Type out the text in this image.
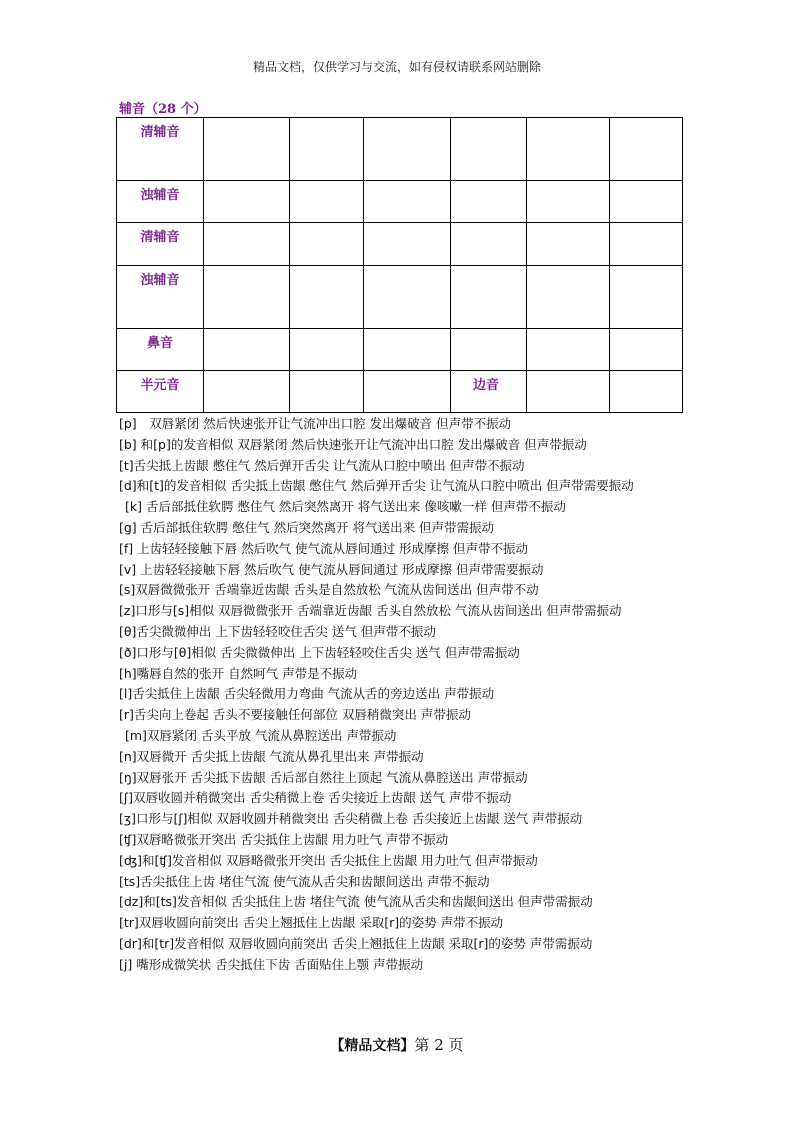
精品文档，仅供学习与交流，如有侵权请联系网站删除
辅音（28 个）
清辅音						
浊辅音						
清辅音						
浊辅音						
鼻音						
半元音				边音		

[p]　双唇紧闭 然后快速张开让气流冲出口腔 发出爆破音 但声带不振动

[b] 和[p]的发音相似 双唇紧闭 然后快速张开让气流冲出口腔 发出爆破音 但声带振动

[t]舌尖抵上齿龈 憋住气 然后弹开舌尖 让气流从口腔中喷出 但声带不振动

[d]和[t]的发音相似 舌尖抵上齿龈 憋住气 然后弹开舌尖 让气流从口腔中喷出 但声带需要振动

[k] 舌后部抵住软腭 憋住气 然后突然离开 将气送出来 像咳嗽一样 但声带不振动

[g] 舌后部抵住软腭 憋住气 然后突然离开 将气送出来 但声带需振动

[f] 上齿轻轻接触下唇 然后吹气 使气流从唇间通过 形成摩擦 但声带不振动

[v] 上齿轻轻接触下唇 然后吹气 使气流从唇间通过 形成摩擦 但声带需要振动

[s]双唇微微张开 舌端靠近齿龈 舌头是自然放松 气流从齿间送出 但声带不动

[z]口形与[s]相似 双唇微微张开 舌端靠近齿龈 舌头自然放松 气流从齿间送出 但声带需振动

[θ]舌尖微微伸出 上下齿轻轻咬住舌尖 送气 但声带不振动

[ð]口形与[θ]相似 舌尖微微伸出 上下齿轻轻咬住舌尖 送气 但声带需振动

[h]嘴唇自然的张开 自然呵气 声带是不振动

[l]舌尖抵住上齿龈 舌尖轻微用力弯曲 气流从舌的旁边送出 声带振动

[r]舌尖向上卷起 舌头不要接触任何部位 双唇稍微突出 声带振动

[m]双唇紧闭 舌头平放 气流从鼻腔送出 声带振动

[n]双唇微开 舌尖抵上齿龈 气流从鼻孔里出来 声带振动

[ŋ]双唇张开 舌尖抵下齿龈 舌后部自然往上顶起 气流从鼻腔送出 声带振动

[ʃ]双唇收圆并稍微突出 舌尖稍微上卷 舌尖接近上齿龈 送气 声带不振动

[ʒ]口形与[ʃ]相似 双唇收圆并稍微突出 舌尖稍微上卷 舌尖接近上齿龈 送气 声带振动

[ʧ]双唇略微张开突出 舌尖抵住上齿龈 用力吐气 声带不振动

[ʤ]和[ʧ]发音相似 双唇略微张开突出 舌尖抵住上齿龈 用力吐气 但声带振动

[ts]舌尖抵住上齿 堵住气流 使气流从舌尖和齿龈间送出 声带不振动

[dz]和[ts]发音相似 舌尖抵住上齿 堵住气流 使气流从舌尖和齿龈间送出 但声带需振动

[tr]双唇收圆向前突出 舌尖上翘抵住上齿龈 采取[r]的姿势 声带不振动

[dr]和[tr]发音相似 双唇收圆向前突出 舌尖上翘抵住上齿龈 采取[r]的姿势 声带需振动

[j] 嘴形成微笑状 舌尖抵住下齿 舌面贴住上颚 声带振动

【精品文档】第 2 页
